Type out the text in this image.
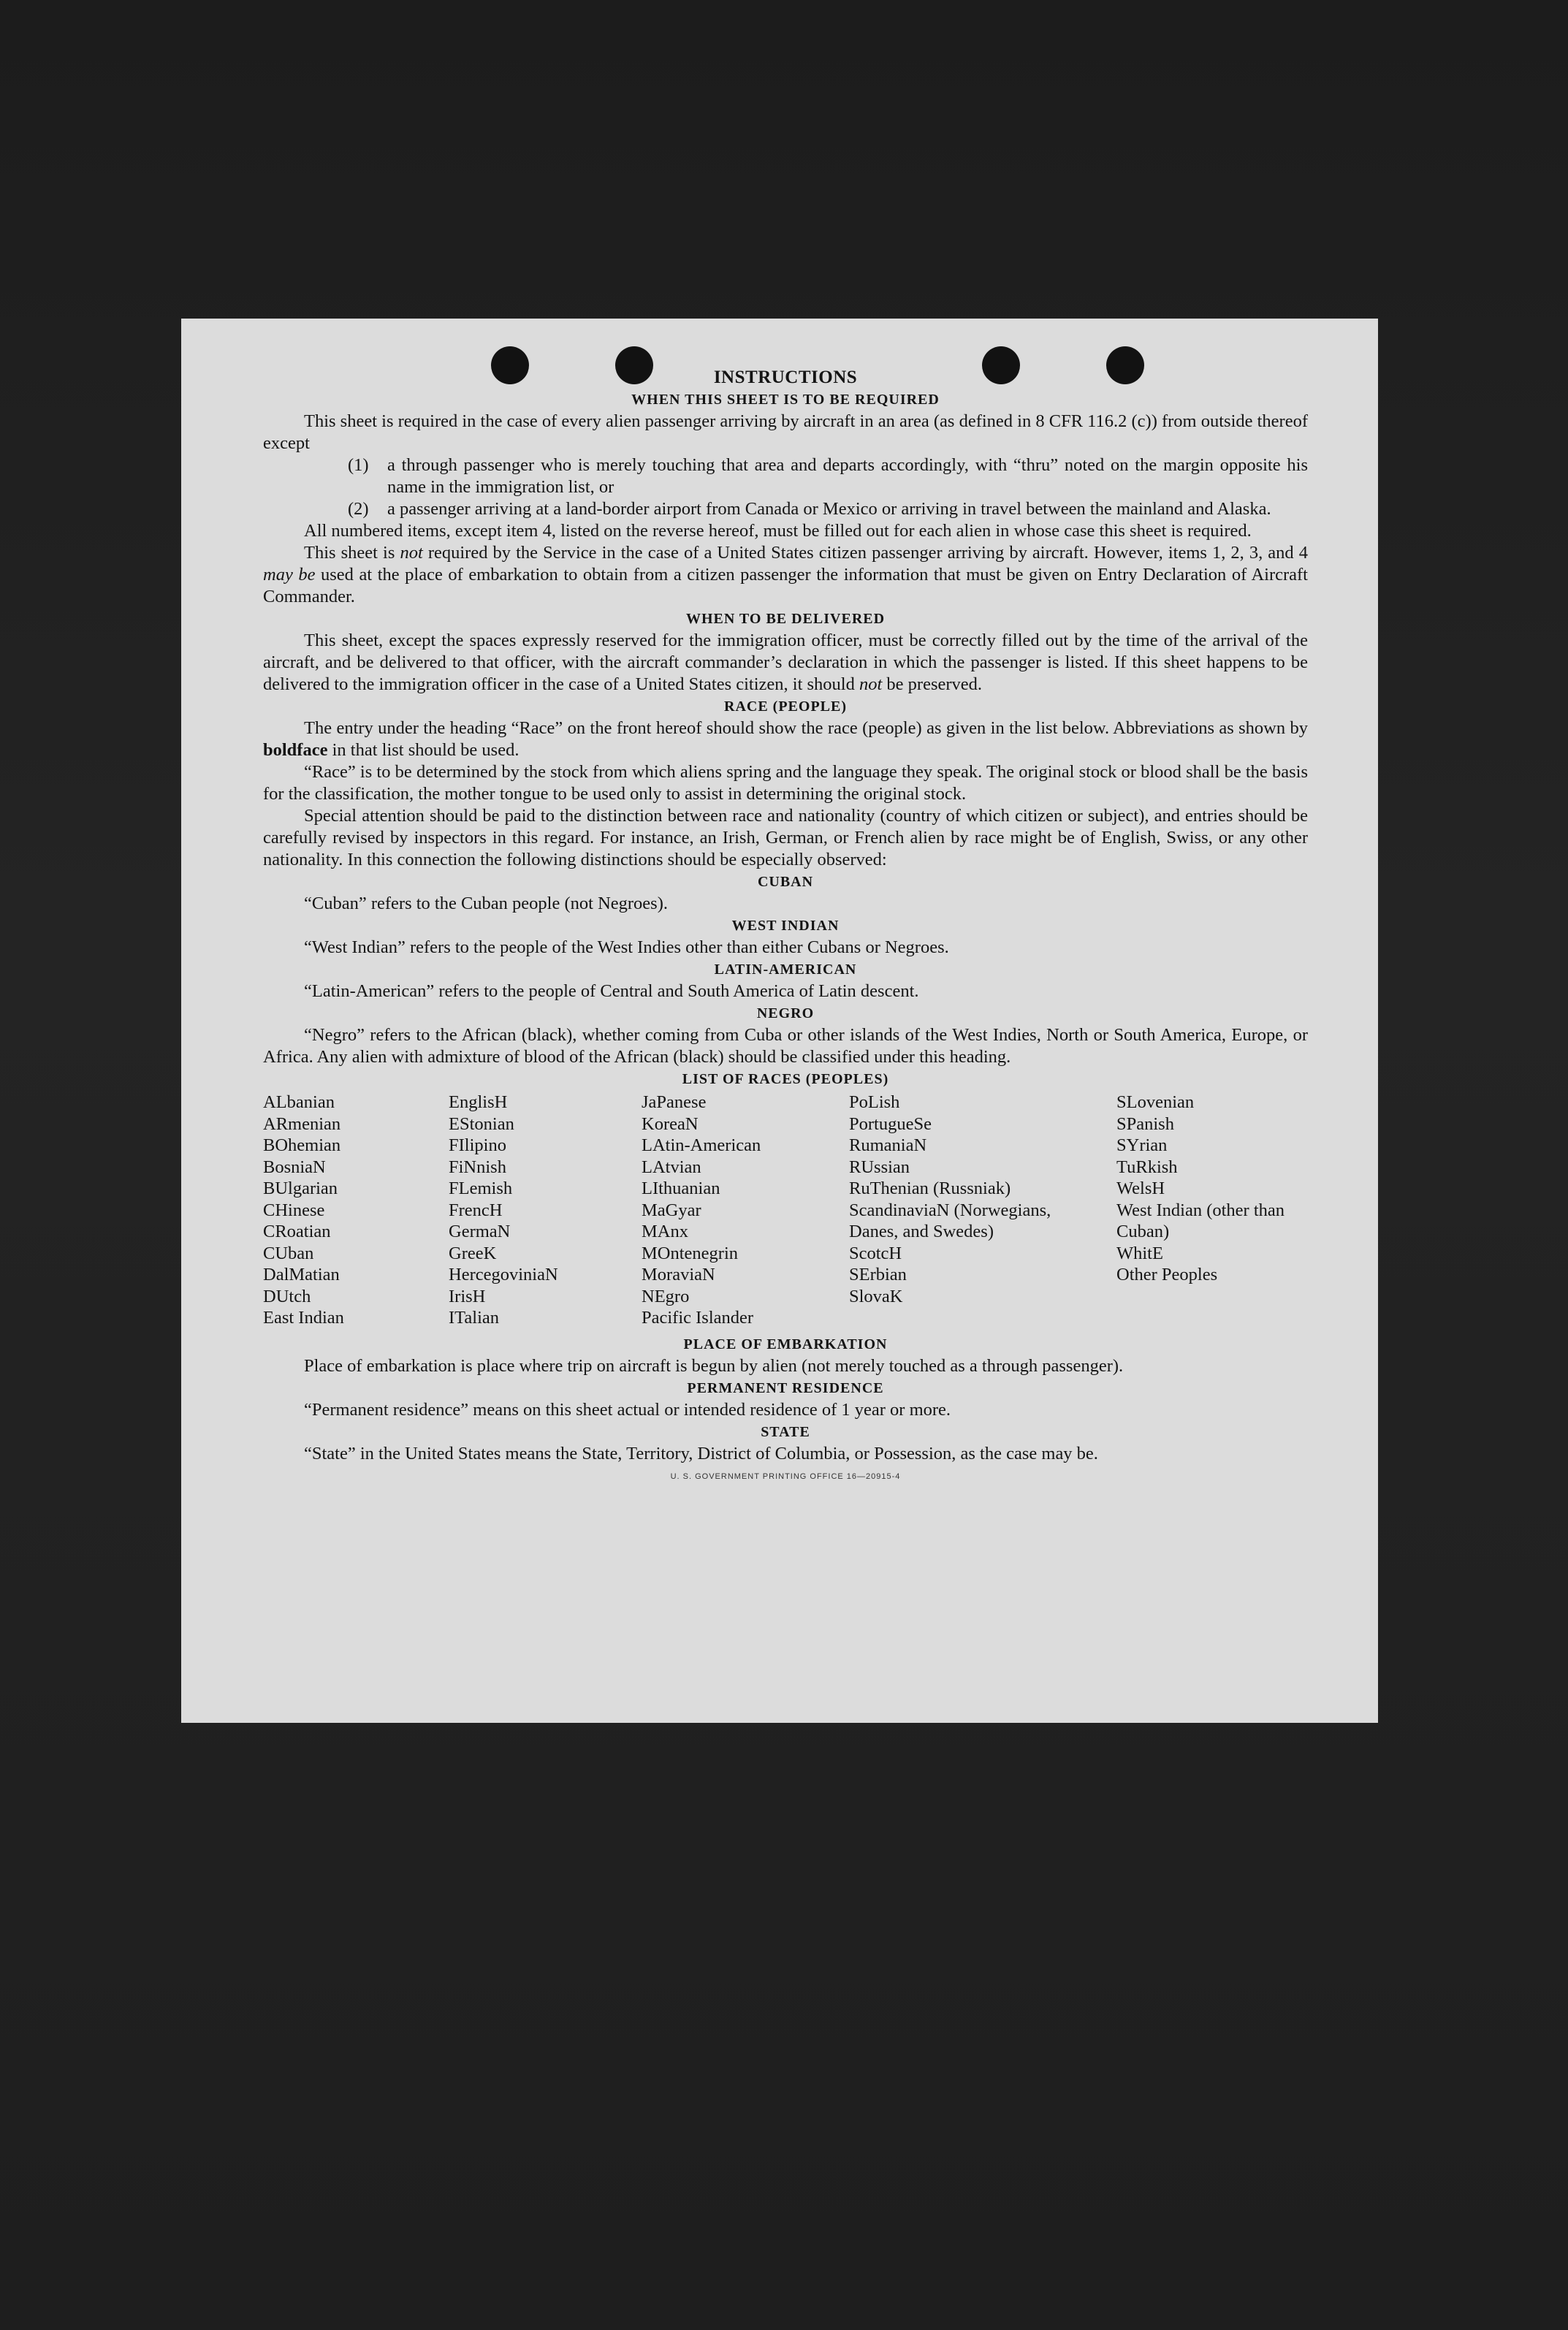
INSTRUCTIONS
WHEN THIS SHEET IS TO BE REQUIRED

This sheet is required in the case of every alien passenger arriving by aircraft in an area (as defined in 8 CFR 116.2 (c)) from outside thereof except

(1)	a through passenger who is merely touching that area and departs accordingly, with “thru” noted on the margin opposite his name in the immigration list, or
(2)	a passenger arriving at a land-border airport from Canada or Mexico or arriving in travel between the mainland and Alaska.

All numbered items, except item 4, listed on the reverse hereof, must be filled out for each alien in whose case this sheet is required.

This sheet is not required by the Service in the case of a United States citizen passenger arriving by aircraft. However, items 1, 2, 3, and 4 may be used at the place of embarkation to obtain from a citizen passenger the information that must be given on Entry Declaration of Aircraft Commander.

WHEN TO BE DELIVERED

This sheet, except the spaces expressly reserved for the immigration officer, must be correctly filled out by the time of the arrival of the aircraft, and be delivered to that officer, with the aircraft commander’s declaration in which the passenger is listed. If this sheet happens to be delivered to the immigration officer in the case of a United States citizen, it should not be preserved.

RACE (PEOPLE)

The entry under the heading “Race” on the front hereof should show the race (people) as given in the list below. Abbreviations as shown by boldface in that list should be used.

“Race” is to be determined by the stock from which aliens spring and the language they speak. The original stock or blood shall be the basis for the classification, the mother tongue to be used only to assist in determining the original stock.

Special attention should be paid to the distinction between race and nationality (country of which citizen or subject), and entries should be carefully revised by inspectors in this regard. For instance, an Irish, German, or French alien by race might be of English, Swiss, or any other nationality. In this connection the following distinctions should be especially observed:

CUBAN

“Cuban” refers to the Cuban people (not Negroes).

WEST INDIAN

“West Indian” refers to the people of the West Indies other than either Cubans or Negroes.

LATIN-AMERICAN

“Latin-American” refers to the people of Central and South America of Latin descent.

NEGRO

“Negro” refers to the African (black), whether coming from Cuba or other islands of the West Indies, North or South America, Europe, or Africa. Any alien with admixture of blood of the African (black) should be classified under this heading.

LIST OF RACES (PEOPLES)
ALbanian
ARmenian
BOhemian
BosniaN
BUlgarian
CHinese
CRoatian
CUban
DalMatian
DUtch
East Indian
EnglisH
EStonian
FIlipino
FiNnish
FLemish
FrencH
GermaN
GreeK
HercegoviniaN
IrisH
ITalian
JaPanese
KoreaN
LAtin-American
LAtvian
LIthuanian
MaGyar
MAnx
MOntenegrin
MoraviaN
NEgro
Pacific Islander
PoLish
PortugueSe
RumaniaN
RUssian
RuThenian (Russniak)
ScandinaviaN (Norwegians, Danes, and Swedes)
ScotcH
SErbian
SlovaK
SLovenian
SPanish
SYrian
TuRkish
WelsH
West Indian (other than Cuban)
WhitE
Other Peoples
PLACE OF EMBARKATION

Place of embarkation is place where trip on aircraft is begun by alien (not merely touched as a through passenger).

PERMANENT RESIDENCE

“Permanent residence” means on this sheet actual or intended residence of 1 year or more.

STATE

“State” in the United States means the State, Territory, District of Columbia, or Possession, as the case may be.

U. S. GOVERNMENT PRINTING OFFICE 16—20915-4
